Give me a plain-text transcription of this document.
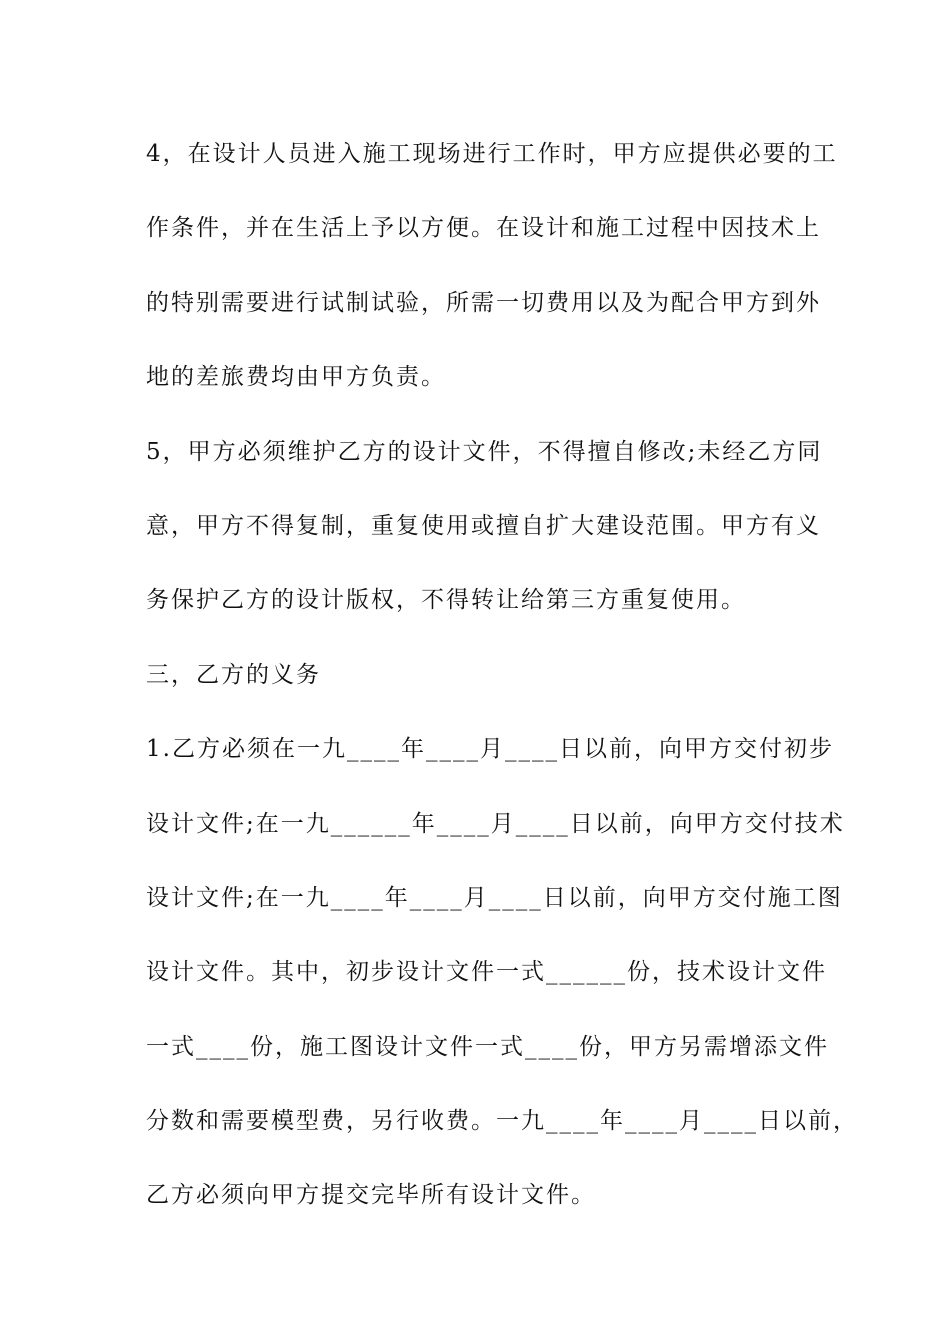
4，在设计人员进入施工现场进行工作时，甲方应提供必要的工
作条件，并在生活上予以方便。在设计和施工过程中因技术上
的特别需要进行试制试验，所需一切费用以及为配合甲方到外
地的差旅费均由甲方负责。
5，甲方必须维护乙方的设计文件，不得擅自修改;未经乙方同
意，甲方不得复制，重复使用或擅自扩大建设范围。甲方有义
务保护乙方的设计版权，不得转让给第三方重复使用。
三，乙方的义务
1.乙方必须在一九____年____月____日以前，向甲方交付初步
设计文件;在一九______年____月____日以前，向甲方交付技术
设计文件;在一九____年____月____日以前，向甲方交付施工图
设计文件。其中，初步设计文件一式______份，技术设计文件
一式____份，施工图设计文件一式____份，甲方另需增添文件
分数和需要模型费，另行收费。一九____年____月____日以前，
乙方必须向甲方提交完毕所有设计文件。
